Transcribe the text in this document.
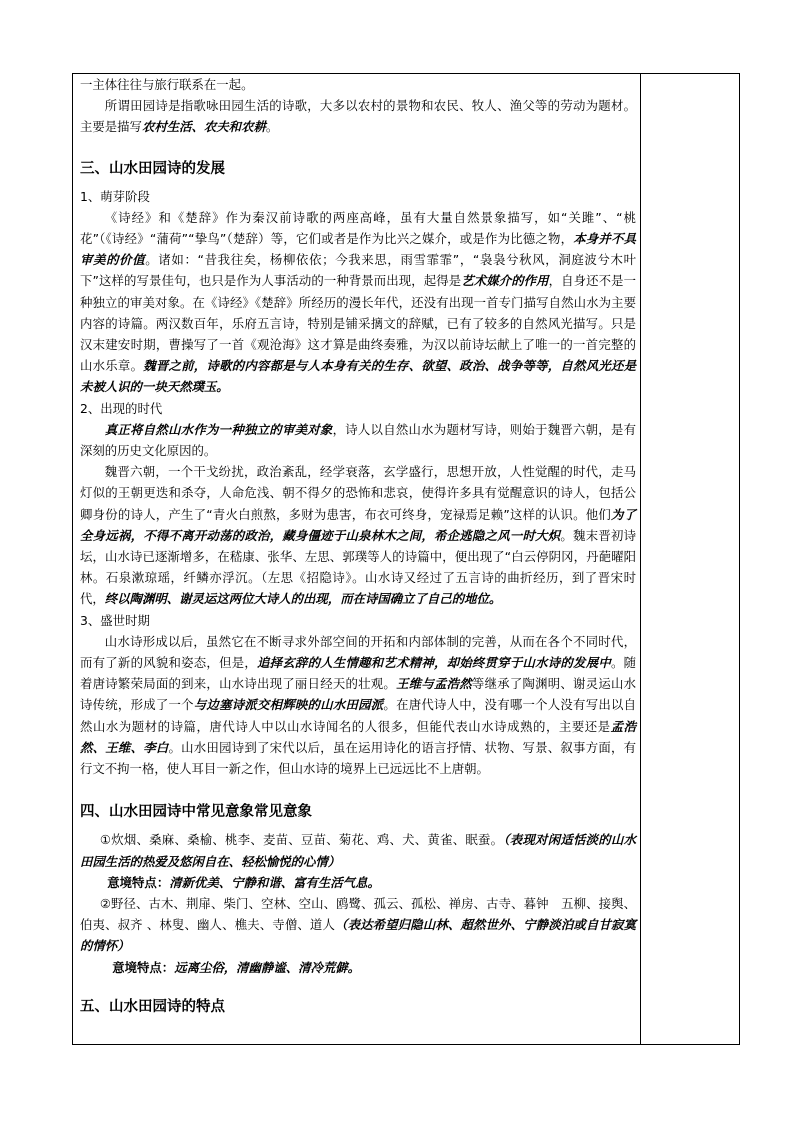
一主体往往与旅行联系在一起。

所谓田园诗是指歌咏田园生活的诗歌，大多以农村的景物和农民、牧人、渔父等的劳动为题材。主要是描写农村生活、农夫和农耕。

三、山水田园诗的发展

1、萌芽阶段

《诗经》和《楚辞》作为秦汉前诗歌的两座高峰，虽有大量自然景象描写，如“关雎”、“桃花”（《诗经》“蒲荷”“挚鸟”（楚辞）等，它们或者是作为比兴之媒介，或是作为比德之物，本身并不具审美的价值。诸如：“昔我往矣，杨柳依依；今我来思，雨雪霏霏”，“袅袅兮秋风，洞庭波兮木叶下”这样的写景佳句，也只是作为人事活动的一种背景而出现，起得是艺术媒介的作用，自身还不是一种独立的审美对象。在《诗经》《楚辞》所经历的漫长年代，还没有出现一首专门描写自然山水为主要内容的诗篇。两汉数百年，乐府五言诗，特别是铺采摛文的辞赋，已有了较多的自然风光描写。只是汉末建安时期，曹操写了一首《观沧海》这才算是曲终奏雅，为汉以前诗坛献上了唯一的一首完整的山水乐章。魏晋之前，诗歌的内容都是与人本身有关的生存、欲望、政治、战争等等，自然风光还是未被人识的一块天然璞玉。

2、出现的时代

真正将自然山水作为一种独立的审美对象，诗人以自然山水为题材写诗，则始于魏晋六朝，是有深刻的历史文化原因的。

魏晋六朝，一个干戈纷扰，政治紊乱，经学衰落，玄学盛行，思想开放，人性觉醒的时代，走马灯似的王朝更迭和杀夺，人命危浅、朝不得夕的恐怖和悲哀，使得许多具有觉醒意识的诗人，包括公卿身份的诗人，产生了“青火白煎熬，多财为患害，布衣可终身，宠禄焉足赖”这样的认识。他们为了全身远祸，不得不离开动荡的政治，藏身僵迹于山泉林木之间，希企逃隐之风一时大炽。魏末晋初诗坛，山水诗已逐渐增多，在嵇康、张华、左思、郭璞等人的诗篇中，便出现了“白云停阴冈，丹葩曜阳林。石泉漱琼瑶，纤鳞亦浮沉。（左思《招隐诗》。山水诗又经过了五言诗的曲折经历，到了晋宋时代，终以陶渊明、谢灵运这两位大诗人的出现，而在诗国确立了自己的地位。

3、盛世时期

山水诗形成以后，虽然它在不断寻求外部空间的开拓和内部体制的完善，从而在各个不同时代，而有了新的风貌和姿态，但是，追择玄辞的人生情趣和艺术精神，却始终贯穿于山水诗的发展中。随着唐诗繁荣局面的到来，山水诗出现了丽日经天的壮观。王维与孟浩然等继承了陶渊明、谢灵运山水诗传统，形成了一个与边塞诗派交相辉映的山水田园派。在唐代诗人中，没有哪一个人没有写出以自然山水为题材的诗篇，唐代诗人中以山水诗闻名的人很多，但能代表山水诗成熟的，主要还是孟浩然、王维、李白。山水田园诗到了宋代以后，虽在运用诗化的语言抒情、状物、写景、叙事方面，有行文不拘一格，使人耳目一新之作，但山水诗的境界上已远远比不上唐朝。

四、山水田园诗中常见意象常见意象

①炊烟、桑麻、桑榆、桃李、麦苗、豆苗、菊花、鸡、犬、黄雀、眠蚕。（表现对闲适恬淡的山水田园生活的热爱及悠闲自在、轻松愉悦的心情）

意境特点：清新优美、宁静和谐、富有生活气息。

②野径、古木、荆扉、柴门、空林、空山、鸥鹭、孤云、孤松、禅房、古寺、暮钟　五柳、接舆、伯夷、叔齐 、林叟、幽人、樵夫、寺僧、道人（表达希望归隐山林、超然世外、宁静淡泊或自甘寂寞的情怀）

意境特点：远离尘俗，清幽静谧、清冷荒僻。

五、山水田园诗的特点
